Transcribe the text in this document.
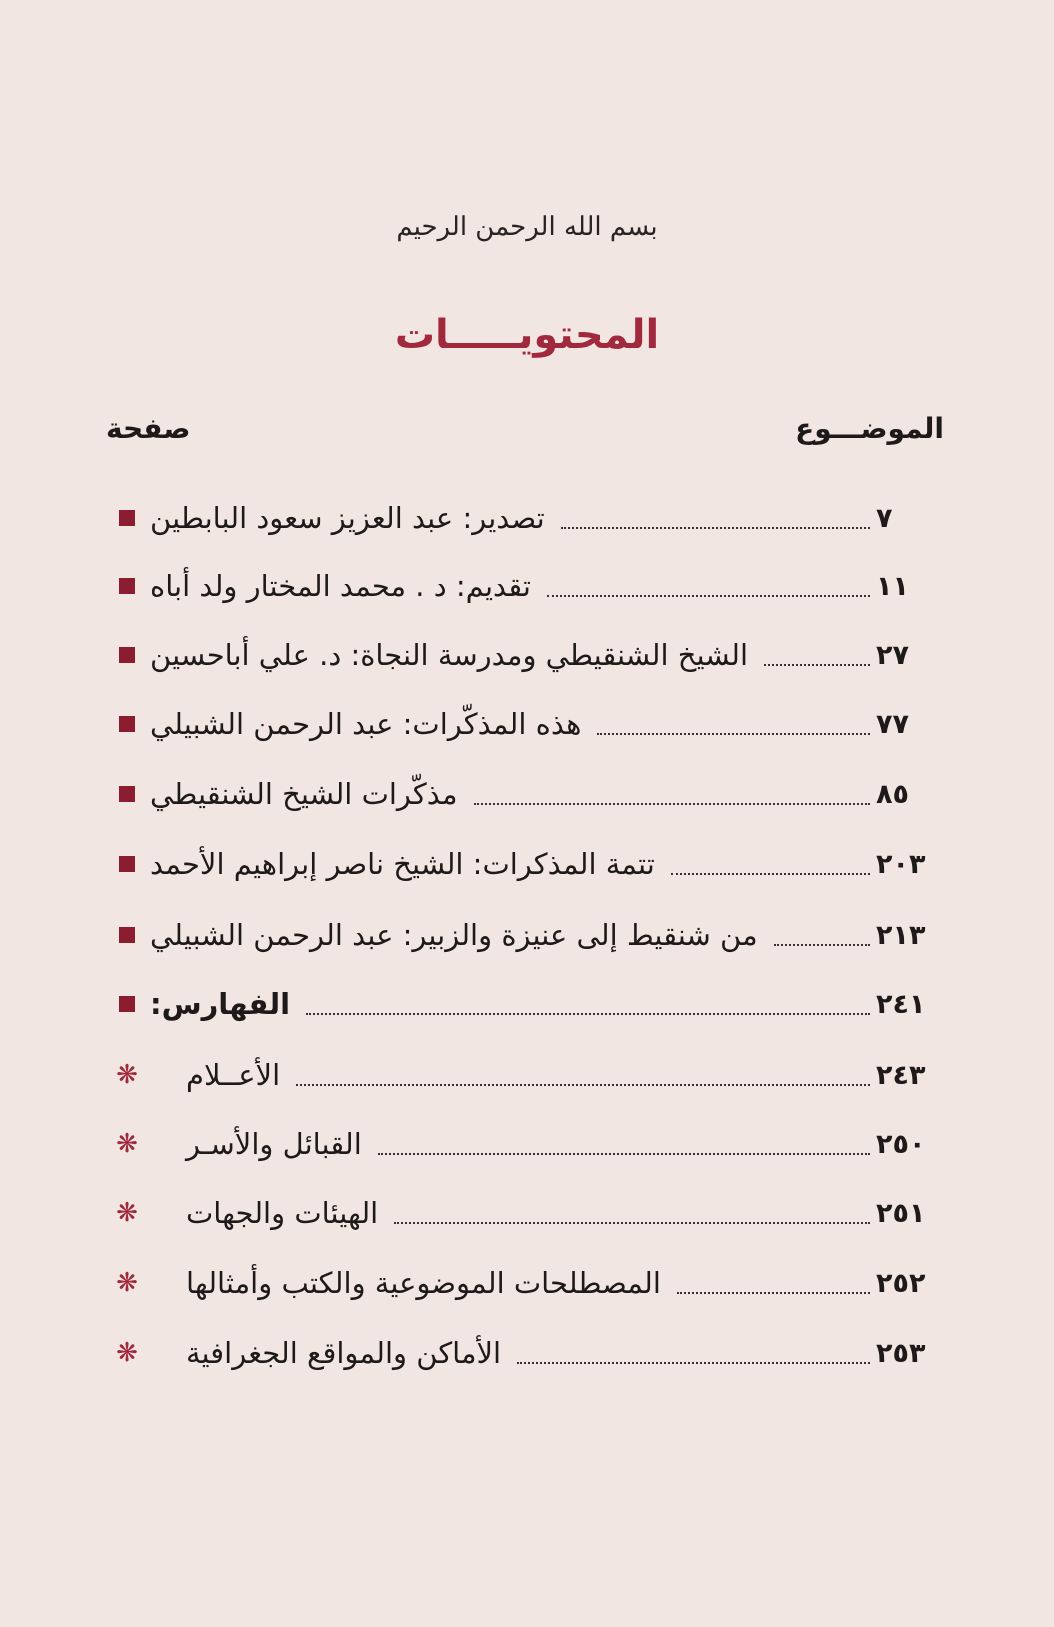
بسم الله الرحمن الرحيم
المحتويـــــات
الموضـــوع
صفحة
تصدير: عبد العزيز سعود البابطين	٧
تقديم: د . محمد المختار ولد أباه	١١
الشيخ الشنقيطي ومدرسة النجاة: د. علي أباحسين	٢٧
هذه المذكّرات: عبد الرحمن الشبيلي	٧٧
مذكّرات الشيخ الشنقيطي	٨٥
تتمة المذكرات: الشيخ ناصر إبراهيم الأحمد	٢٠٣
من شنقيط إلى عنيزة والزبير: عبد الرحمن الشبيلي	٢١٣
الفهارس:	٢٤١
❋ الأعــلام	٢٤٣
❋ القبائل والأسـر	٢٥٠
❋ الهيئات والجهات	٢٥١
❋ المصطلحات الموضوعية والكتب وأمثالها	٢٥٢
❋ الأماكن والمواقع الجغرافية	٢٥٣
